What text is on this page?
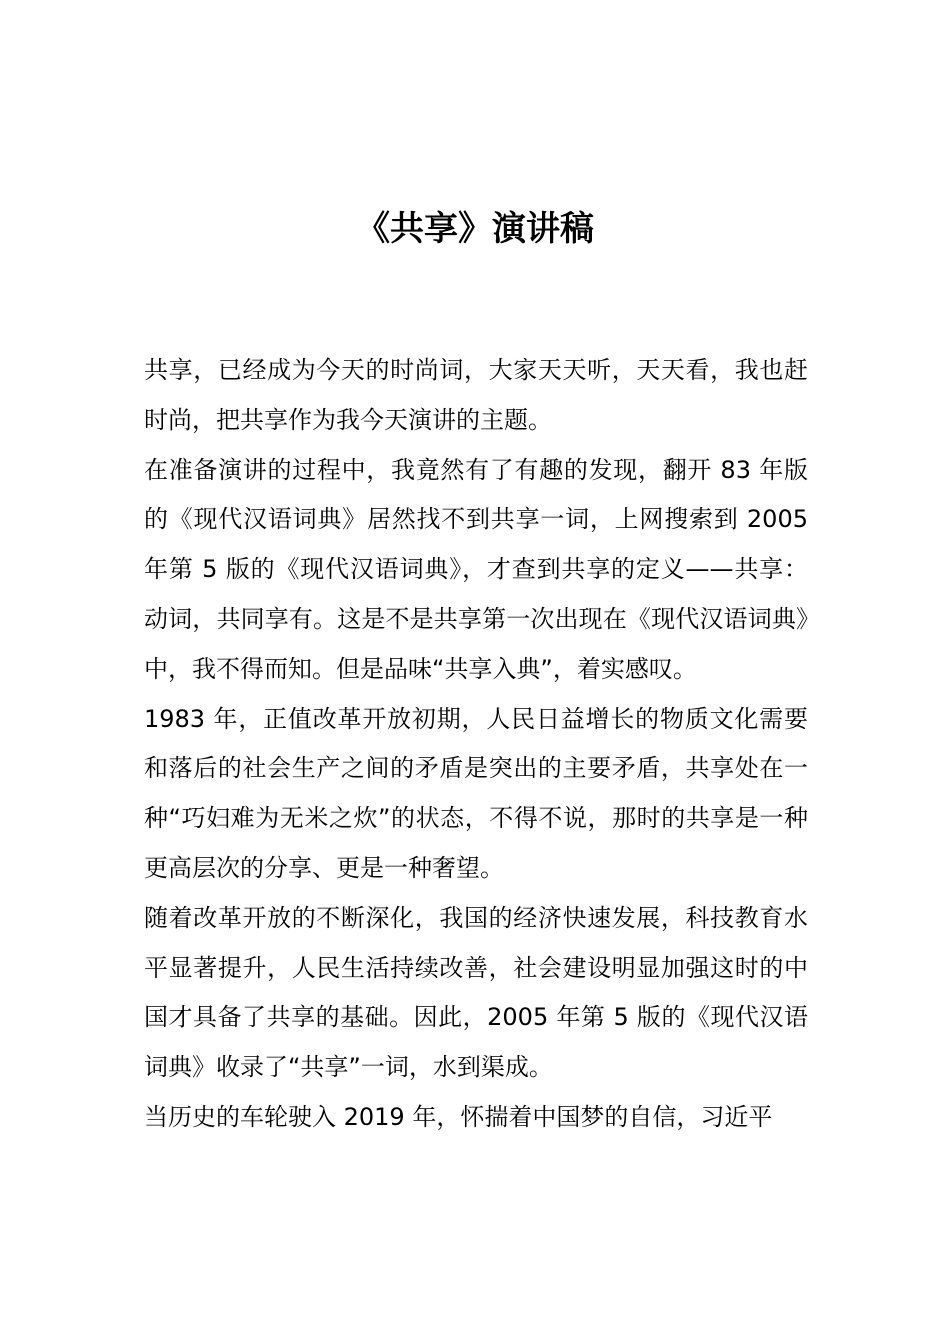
《共享》演讲稿

共享，已经成为今天的时尚词，大家天天听，天天看，我也赶时尚，把共享作为我今天演讲的主题。

在准备演讲的过程中，我竟然有了有趣的发现，翻开 83 年版的《现代汉语词典》居然找不到共享一词，上网搜索到 2005 年第 5 版的《现代汉语词典》，才查到共享的定义——共享：动词，共同享有。这是不是共享第一次出现在《现代汉语词典》中，我不得而知。但是品味“共享入典”，着实感叹。

1983 年，正值改革开放初期，人民日益增长的物质文化需要和落后的社会生产之间的矛盾是突出的主要矛盾，共享处在一种“巧妇难为无米之炊”的状态，不得不说，那时的共享是一种更高层次的分享、更是一种奢望。

随着改革开放的不断深化，我国的经济快速发展，科技教育水平显著提升，人民生活持续改善，社会建设明显加强这时的中国才具备了共享的基础。因此，2005 年第 5 版的《现代汉语词典》收录了“共享”一词，水到渠成。

当历史的车轮驶入 2019 年，怀揣着中国梦的自信，习近平
